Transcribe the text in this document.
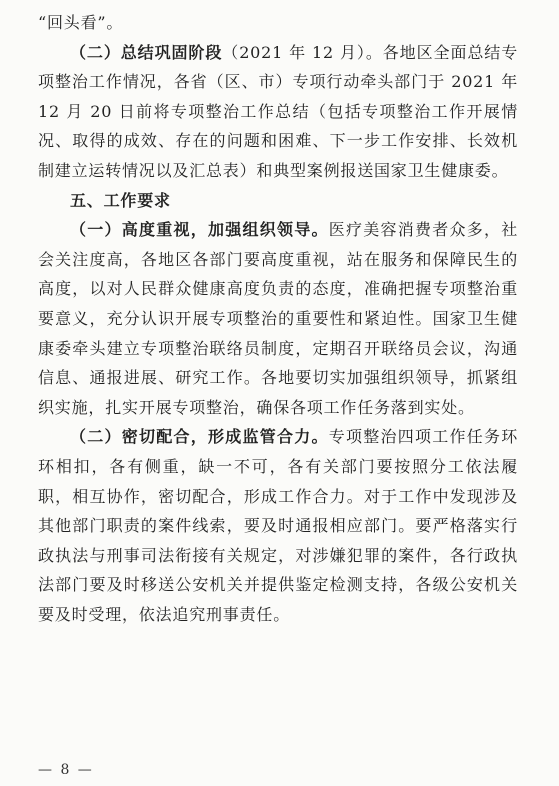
“回头看”。

（二）总结巩固阶段（2021 年 12 月）。各地区全面总结专项整治工作情况，各省（区、市）专项行动牵头部门于 2021 年 12 月 20 日前将专项整治工作总结（包括专项整治工作开展情况、取得的成效、存在的问题和困难、下一步工作安排、长效机制建立运转情况以及汇总表）和典型案例报送国家卫生健康委。

五、工作要求

（一）高度重视，加强组织领导。医疗美容消费者众多，社会关注度高，各地区各部门要高度重视，站在服务和保障民生的高度，以对人民群众健康高度负责的态度，准确把握专项整治重要意义，充分认识开展专项整治的重要性和紧迫性。国家卫生健康委牵头建立专项整治联络员制度，定期召开联络员会议，沟通信息、通报进展、研究工作。各地要切实加强组织领导，抓紧组织实施，扎实开展专项整治，确保各项工作任务落到实处。

（二）密切配合，形成监管合力。专项整治四项工作任务环环相扣，各有侧重，缺一不可，各有关部门要按照分工依法履职，相互协作，密切配合，形成工作合力。对于工作中发现涉及其他部门职责的案件线索，要及时通报相应部门。要严格落实行政执法与刑事司法衔接有关规定，对涉嫌犯罪的案件，各行政执法部门要及时移送公安机关并提供鉴定检测支持，各级公安机关要及时受理，依法追究刑事责任。

— 8 —
